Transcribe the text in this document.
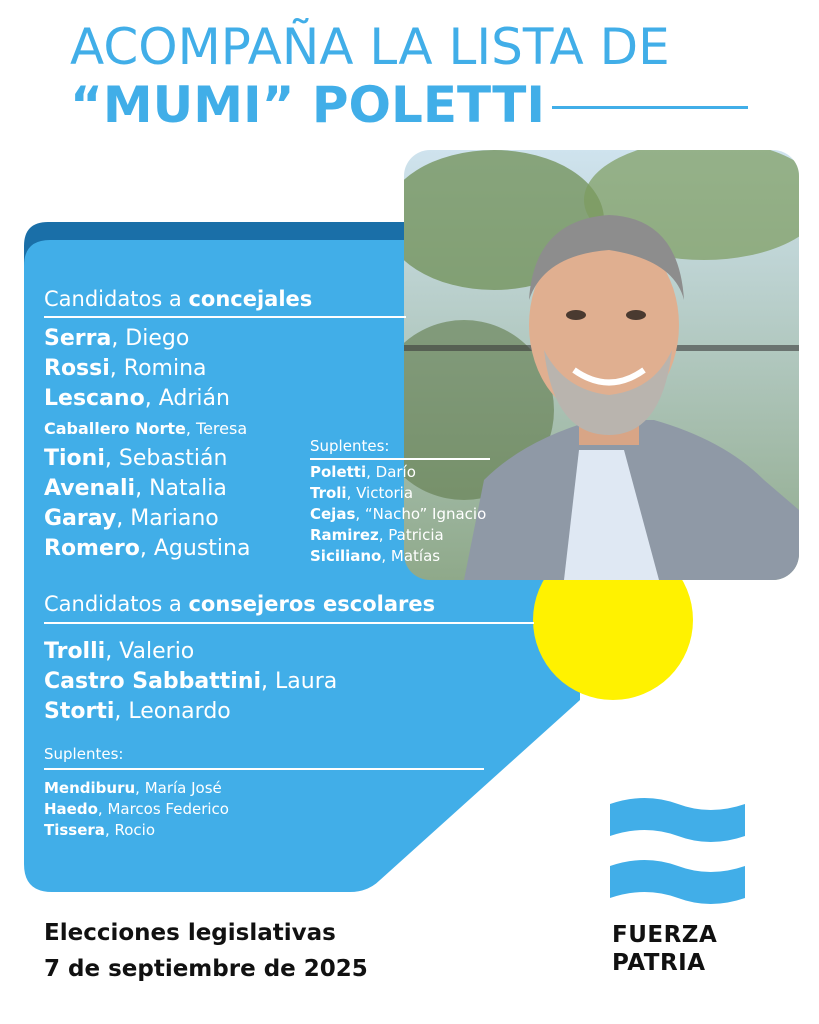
ACOMPAÑA LA LISTA DE
“MUMI” POLETTI
Candidatos a concejales
Serra, Diego
Rossi, Romina
Lescano, Adrián
Caballero Norte, Teresa
Tioni, Sebastián
Avenali, Natalia
Garay, Mariano
Romero, Agustina
Suplentes:
Poletti, Darío
Troli, Victoria
Cejas, “Nacho” Ignacio
Ramirez, Patricia
Siciliano, Matías
Candidatos a consejeros escolares
Trolli, Valerio
Castro Sabbattini, Laura
Storti, Leonardo
Suplentes:
Mendiburu, María José
Haedo, Marcos Federico
Tissera, Rocio
FUERZA
PATRIA
Elecciones legislativas
7 de septiembre de 2025
